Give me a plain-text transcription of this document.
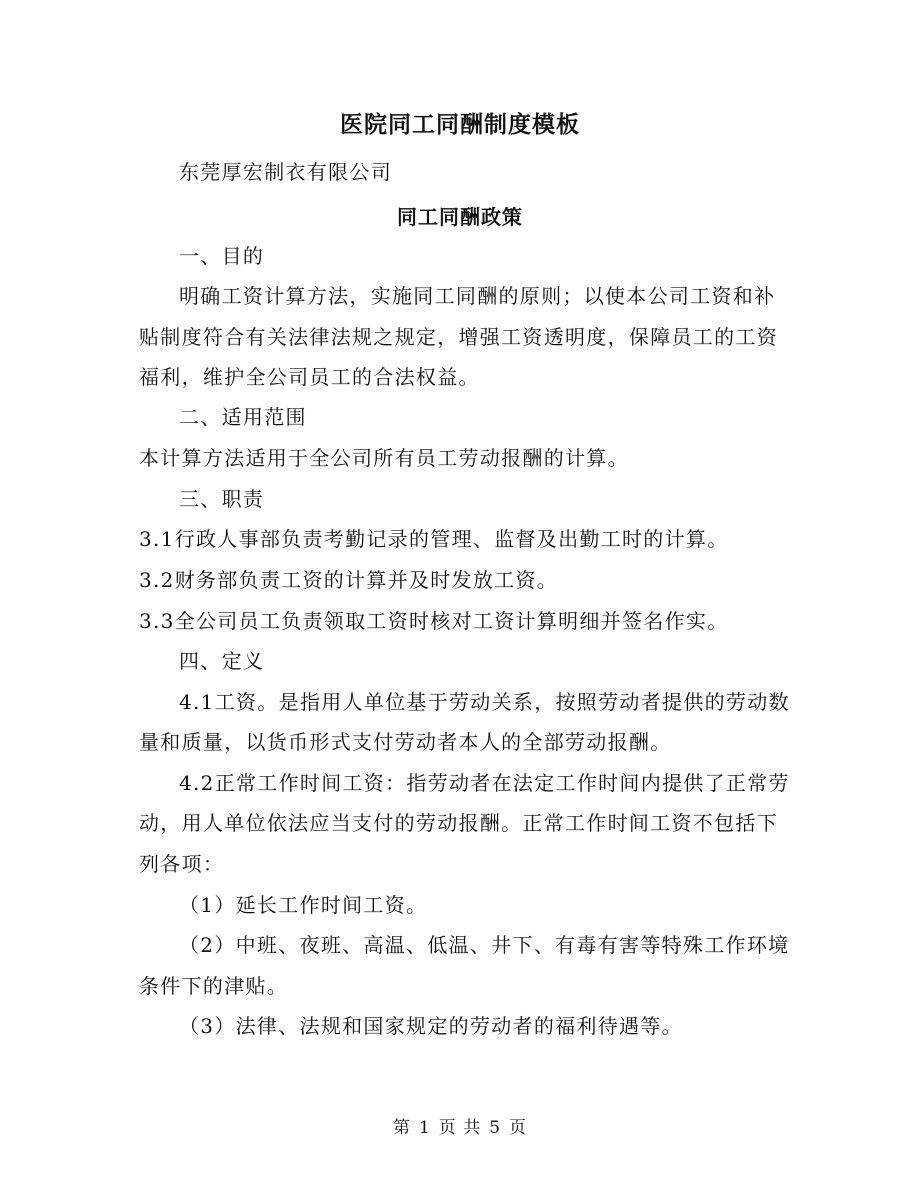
医院同工同酬制度模板
东莞厚宏制衣有限公司
同工同酬政策
一、目的
明确工资计算方法，实施同工同酬的原则；以使本公司工资和补
贴制度符合有关法律法规之规定，增强工资透明度，保障员工的工资
福利，维护全公司员工的合法权益。
二、适用范围
本计算方法适用于全公司所有员工劳动报酬的计算。
三、职责
3.1行政人事部负责考勤记录的管理、监督及出勤工时的计算。
3.2财务部负责工资的计算并及时发放工资。
3.3全公司员工负责领取工资时核对工资计算明细并签名作实。
四、定义
4.1工资。是指用人单位基于劳动关系，按照劳动者提供的劳动数
量和质量，以货币形式支付劳动者本人的全部劳动报酬。
4.2正常工作时间工资：指劳动者在法定工作时间内提供了正常劳
动，用人单位依法应当支付的劳动报酬。正常工作时间工资不包括下
列各项：
（1）延长工作时间工资。
（2）中班、夜班、高温、低温、井下、有毒有害等特殊工作环境
条件下的津贴。
（3）法律、法规和国家规定的劳动者的福利待遇等。
第 1 页 共 5 页
